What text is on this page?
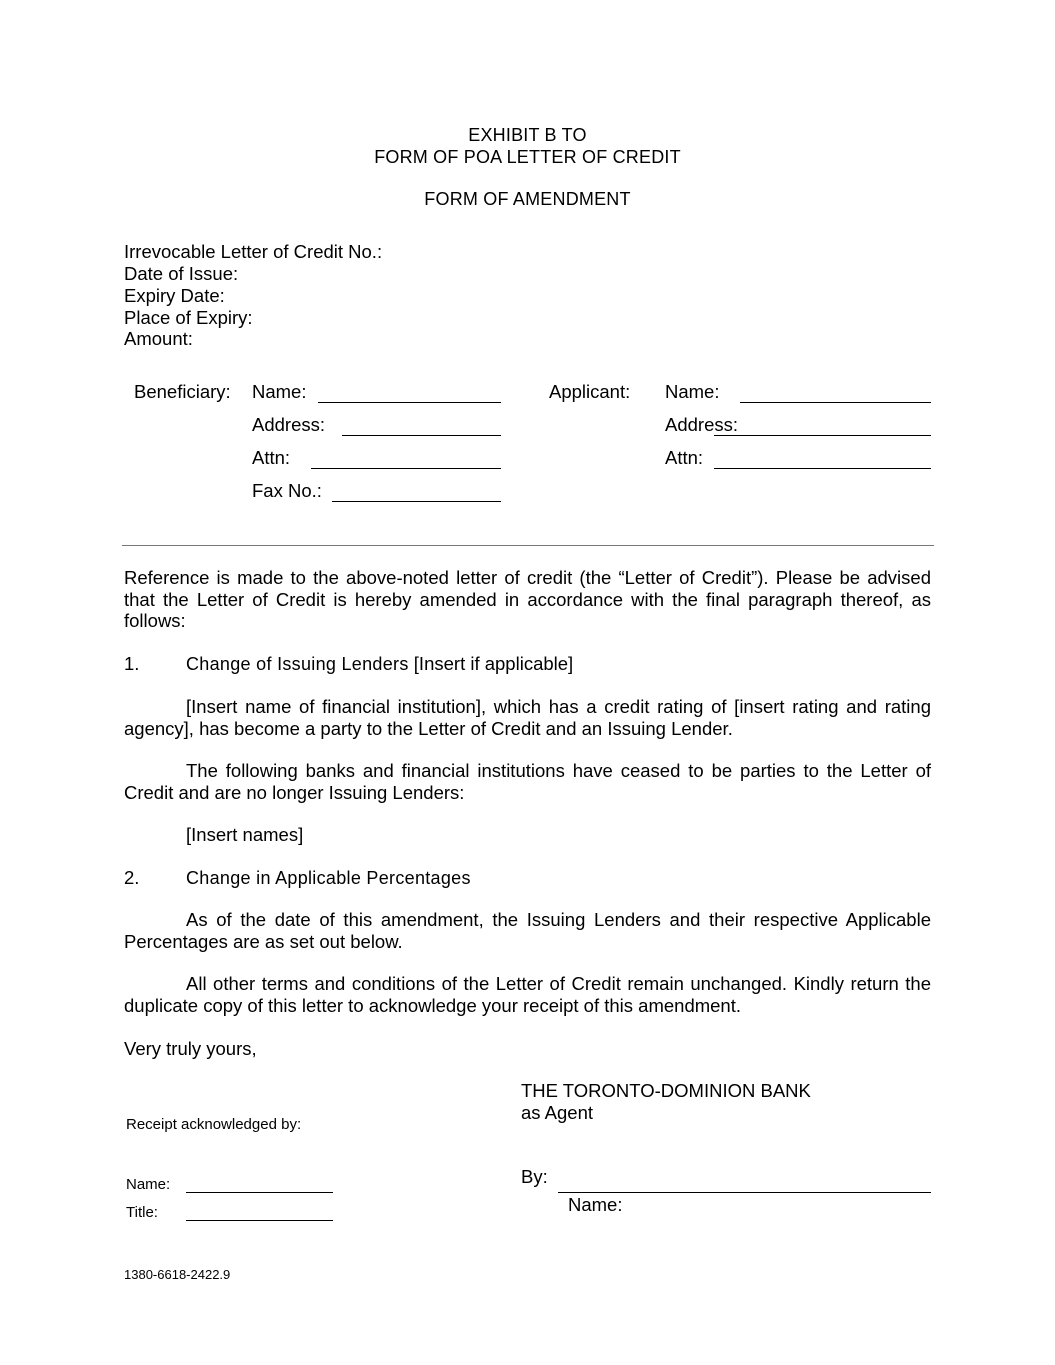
EXHIBIT B TO
FORM OF POA LETTER OF CREDIT
FORM OF AMENDMENT
Irrevocable Letter of Credit No.:
Date of Issue:
Expiry Date:
Place of Expiry:
Amount:
Beneficiary: Name:
Address:
Attn:
Fax No.:
Applicant: Name:
Address:
Attn:
Reference is made to the above-noted letter of credit (the “Letter of Credit”). Please be advised that the Letter of Credit is hereby amended in accordance with the final paragraph thereof, as follows:
1.	Change of Issuing Lenders [Insert if applicable]
[Insert name of financial institution], which has a credit rating of [insert rating and rating agency], has become a party to the Letter of Credit and an Issuing Lender.
The following banks and financial institutions have ceased to be parties to the Letter of Credit and are no longer Issuing Lenders:
[Insert names]
2.	Change in Applicable Percentages
As of the date of this amendment, the Issuing Lenders and their respective Applicable Percentages are as set out below.
All other terms and conditions of the Letter of Credit remain unchanged. Kindly return the duplicate copy of this letter to acknowledge your receipt of this amendment.
Very truly yours,
THE TORONTO-DOMINION BANK
as Agent
Receipt acknowledged by:
Name:
Title:
By:
Name:
1380-6618-2422.9
